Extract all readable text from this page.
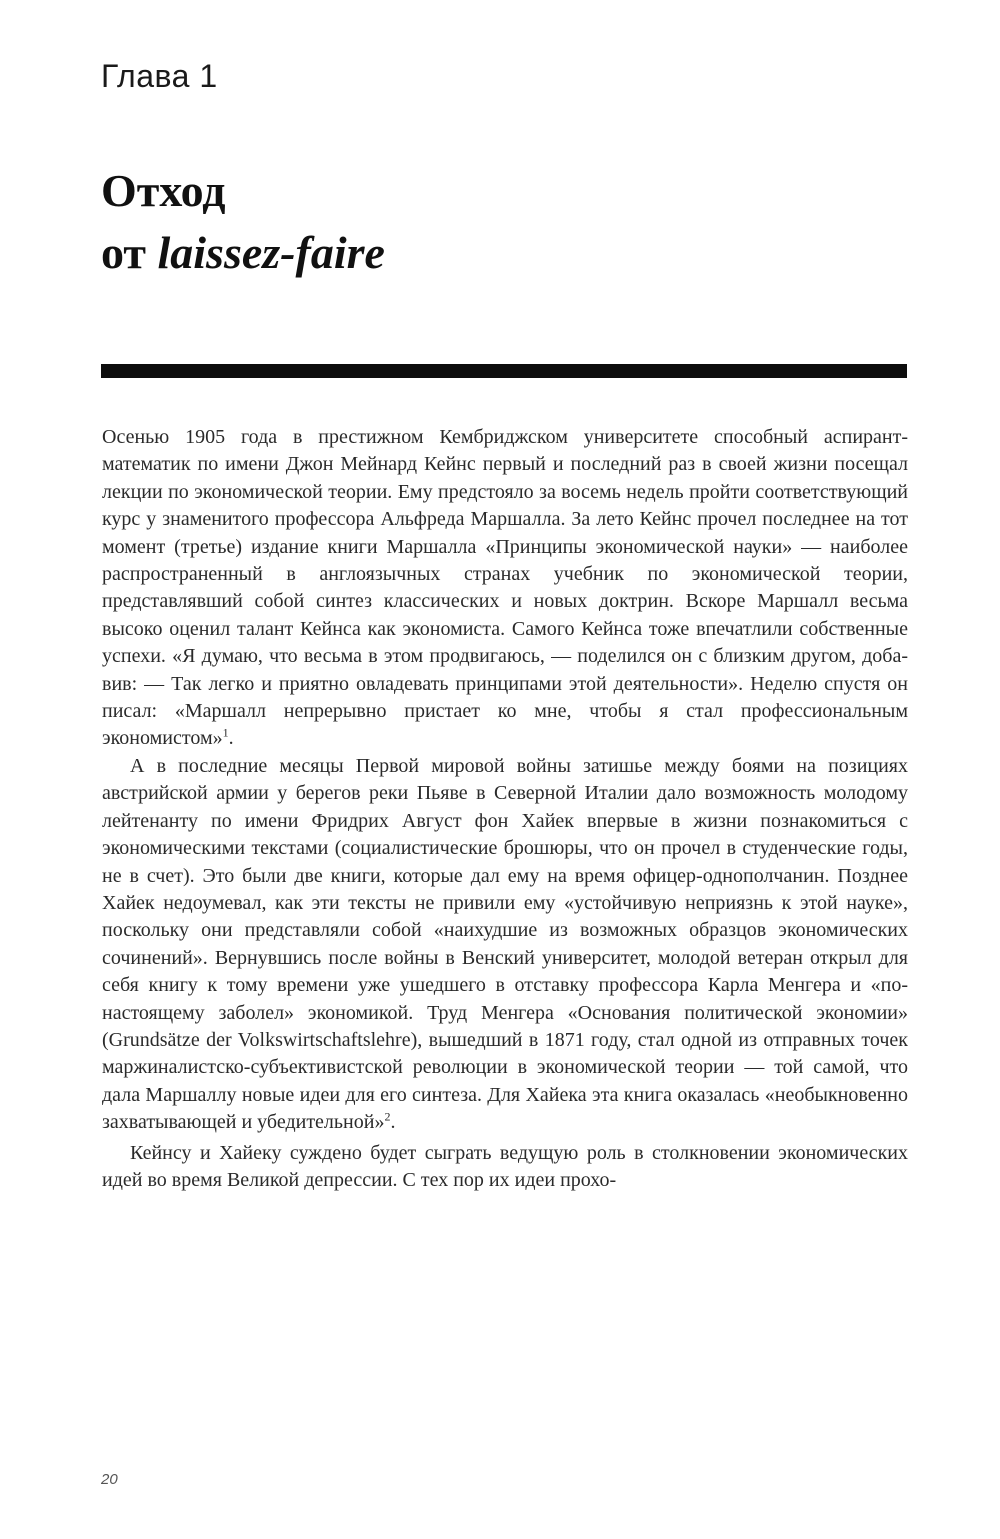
Глава 1
Отход
от laissez-faire

Осенью 1905 года в престижном Кембриджском университете способный аспирант-математик по имени Джон Мейнард Кейнс первый и последний раз в своей жизни посещал лекции по экономической теории. Ему предстояло за восемь недель пройти соответствующий курс у знаменитого профессора Альфреда Маршалла. За лето Кейнс прочел последнее на тот момент (третье) издание книги Маршалла «Принципы экономической науки» — наиболее распространенный в англоязычных странах учебник по экономической теории, представлявший собой синтез классических и новых доктрин. Вскоре Маршалл весьма высоко оценил талант Кейнса как экономиста. Самого Кейнса тоже впечатлили собственные успехи. «Я думаю, что весьма в этом продвигаюсь, — поделился он с близким другом, добавив: — Так легко и приятно овладевать принципами этой деятельности». Неделю спустя он писал: «Маршалл непрерывно пристает ко мне, чтобы я стал профессиональным экономистом»$^1$.

А в последние месяцы Первой мировой войны затишье между боями на позициях австрийской армии у берегов реки Пьяве в Северной Италии дало возможность молодому лейтенанту по имени Фридрих Август фон Хайек впервые в жизни познакомиться с экономическими текстами (социалистические брошюры, что он прочел в студенческие годы, не в счет). Это были две книги, которые дал ему на время офицер-однополчанин. Позднее Хайек недоумевал, как эти тексты не привили ему «устойчивую неприязнь к этой науке», поскольку они представляли собой «наихудшие из возможных образцов экономических сочинений». Вернувшись после войны в Венский университет, молодой ветеран открыл для себя книгу к тому времени уже ушедшего в отставку профессора Карла Менгера и «по-настоящему заболел» экономикой. Труд Менгера «Основания политической экономии» (Grundsätze der Volkswirtschaftslehre), вышедший в 1871 году, стал одной из отправных точек маржиналистско-субъективистской революции в экономической теории — той самой, что дала Маршаллу новые идеи для его синтеза. Для Хайека эта книга оказалась «необыкновенно захватывающей и убедительной»$^2$.

Кейнсу и Хайеку суждено будет сыграть ведущую роль в столкновении экономических идей во время Великой депрессии. С тех пор их идеи прохо-

20
